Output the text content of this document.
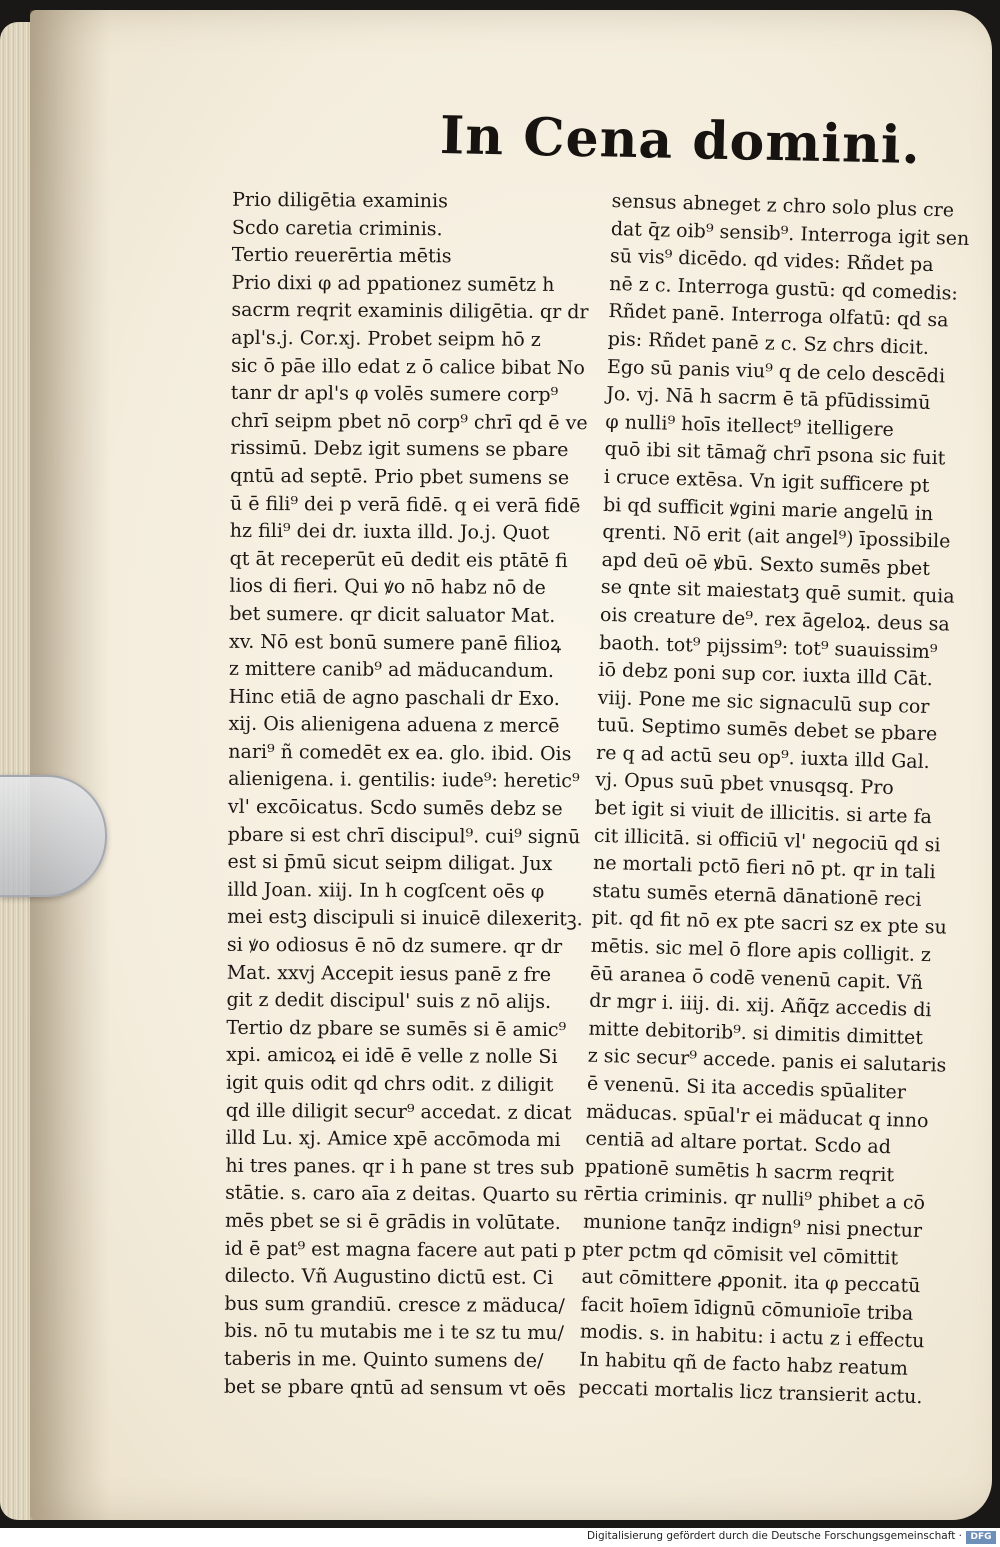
In Cena domini.
Prio diligētia examinis
Scdo caretia criminis.
Tertio reuerērtia mētis
Prio dixi φ ad ppationez sumētz h
sacrm reqrit examinis diligētia. qr dr
apl's.j. Cor.xj. Probet seipm hō z
sic ō pāe illo edat z ō calice bibat No
tanr dr apl's φ volēs sumere corp⁹
chrī seipm pbet nō corp⁹ chrī qd ē ve
rissimū. Debz igit sumens se pbare
qntū ad septē. Prio pbet sumens se
ū ē fili⁹ dei p verā fidē. q ei verā fidē
hz fili⁹ dei dr. iuxta illd. Jo.j. Quot
qt āt receperūt eū dedit eis ptātē fi
lios di fieri. Qui ꝟo nō habz nō de
bet sumere. qr dicit saluator Mat.
xv. Nō est bonū sumere panē filioꝝ
z mittere canib⁹ ad mäducandum.
Hinc etiā de agno paschali dr Exo.
xij. Ois alienigena aduena z mercē
nari⁹ ñ comedēt ex ea. glo. ibid. Ois
alienigena. i. gentilis: iude⁹: heretic⁹
vl' excōicatus. Scdo sumēs debz se
pbare si est chrī discipul⁹. cui⁹ signū
est si p̄mū sicut seipm diligat. Jux
illd Joan. xiij. In h cogſcent oēs φ
mei estꝫ discipuli si inuicē dilexeritꝫ.
si ꝟo odiosus ē nō dz sumere. qr dr
Mat. xxvj Accepit iesus panē z fre
git z dedit discipul' suis z nō alijs.
Tertio dz pbare se sumēs si ē amic⁹
xpi. amicoꝝ ei idē ē velle z nolle Si
igit quis odit qd chrs odit. z diligit
qd ille diligit secur⁹ accedat. z dicat
illd Lu. xj. Amice xpē accōmoda mi
hi tres panes. qr i h pane st tres sub
stātie. s. caro aīa z deitas. Quarto su
mēs pbet se si ē grādis in volūtate.
id ē pat⁹ est magna facere aut pati p
dilecto. Vñ Augustino dictū est. Ci
bus sum grandiū. cresce z mäduca/
bis. nō tu mutabis me i te sz tu mu/
taberis in me. Quinto sumens de/
bet se pbare qntū ad sensum vt oēs
sensus abneget z chro solo plus cre
dat q̄z oib⁹ sensib⁹. Interroga igit sen
sū vis⁹ dicēdo. qd vides: Rñdet pa
nē z c. Interroga gustū: qd comedis:
Rñdet panē. Interroga olfatū: qd sa
pis: Rñdet panē z c. Sz chrs dicit.
Ego sū panis viu⁹ q de celo descēdi
Jo. vj. Nā h sacrm ē tā pfūdissimū
φ nulli⁹ hoīs itellect⁹ itelligere
quō ibi sit tāmag̃ chrī psona sic fuit
i cruce extēsa. Vn igit sufficere pt
bi qd sufficit ꝟgini marie angelū in
qrenti. Nō erit (ait angel⁹) īpossibile
apd deū oē ꝟbū. Sexto sumēs pbet
se qnte sit maiestatꝫ quē sumit. quia
ois creature de⁹. rex āgeloꝝ. deus sa
baoth. tot⁹ pijssim⁹: tot⁹ suauissim⁹
iō debz poni sup cor. iuxta illd Cāt.
viij. Pone me sic signaculū sup cor
tuū. Septimo sumēs debet se pbare
re q ad actū seu op⁹. iuxta illd Gal.
vj. Opus suū pbet vnusqsq. Pro
bet igit si viuit de illicitis. si arte fa
cit illicitā. si officiū vl' negociū qd si
ne mortali pctō fieri nō pt. qr in tali
statu sumēs eternā dānationē reci
pit. qd fit nō ex pte sacri sz ex pte su
mētis. sic mel ō flore apis colligit. z
ēū aranea ō codē venenū capit. Vñ
dr mgr i. iiij. di. xij. Añq̄z accedis di
mitte debitorib⁹. si dimitis dimittet
z sic secur⁹ accede. panis ei salutaris
ē venenū. Si ita accedis spūaliter
mäducas. spūal'r ei mäducat q inno
centiā ad altare portat. Scdo ad
ppationē sumētis h sacrm reqrit
rērtia criminis. qr nulli⁹ phibet a cō
munione tanq̄z indign⁹ nisi pnectur
pter pctm qd cōmisit vel cōmittit
aut cōmittere ꝓponit. ita φ peccatū
facit hoīem īdignū cōmunioīe triba
modis. s. in habitu: i actu z i effectu
In habitu qñ de facto habz reatum
peccati mortalis licz transierit actu.
Digitalisierung gefördert durch die Deutsche Forschungsgemeinschaft · DFG
